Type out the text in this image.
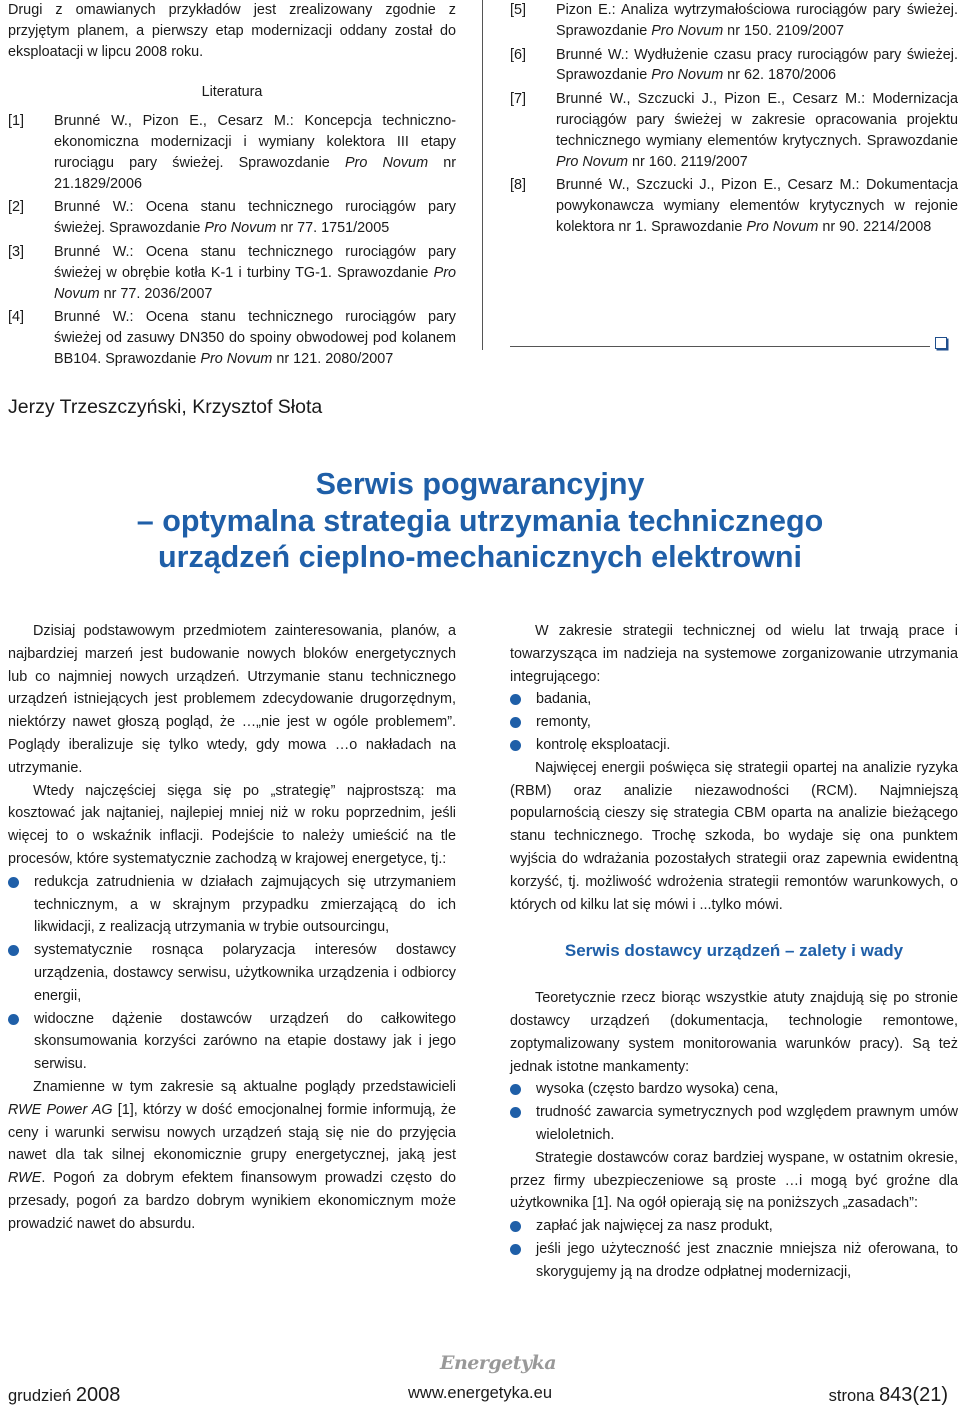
Drugi z omawianych przykładów jest zrealizowany zgodnie z przyjętym planem, a pierwszy etap modernizacji oddany został do eksploatacji w lipcu 2008 roku.

Literatura

[1]	Brunné W., Pizon E., Cesarz M.: Koncepcja techniczno-ekonomiczna modernizacji i wymiany kolektora III etapy rurociągu pary świeżej. Sprawozdanie Pro Novum nr 21.1829/2006
[2]	Brunné W.: Ocena stanu technicznego rurociągów pary świeżej. Sprawozdanie Pro Novum nr 77. 1751/2005
[3]	Brunné W.: Ocena stanu technicznego rurociągów pary świeżej w obrębie kotła K-1 i turbiny TG-1. Sprawozdanie Pro Novum nr 77. 2036/2007
[4]	Brunné W.: Ocena stanu technicznego rurociągów pary świeżej od zasuwy DN350 do spoiny obwodowej pod kolanem BB104. Sprawozdanie Pro Novum nr 121. 2080/2007
[5]	Pizon E.: Analiza wytrzymałościowa rurociągów pary świeżej. Sprawozdanie Pro Novum nr 150. 2109/2007
[6]	Brunné W.: Wydłużenie czasu pracy rurociągów pary świeżej. Sprawozdanie Pro Novum nr 62. 1870/2006
[7]	Brunné W., Szczucki J., Pizon E., Cesarz M.: Modernizacja rurociągów pary świeżej w zakresie opracowania projektu technicznego wymiany elementów krytycznych. Sprawozdanie Pro Novum nr 160. 2119/2007
[8]	Brunné W., Szczucki J., Pizon E., Cesarz M.: Dokumentacja powykonawcza wymiany elementów krytycznych w rejonie kolektora nr 1. Sprawozdanie Pro Novum nr 90. 2214/2008
Jerzy Trzeszczyński, Krzysztof Słota
Serwis pogwarancyjny
– optymalna strategia utrzymania technicznego
urządzeń cieplno-mechanicznych elektrowni

Dzisiaj podstawowym przedmiotem zainteresowania, planów, a najbardziej marzeń jest budowanie nowych bloków energetycznych lub co najmniej nowych urządzeń. Utrzymanie stanu technicznego urządzeń istniejących jest problemem zdecydowanie drugorzędnym, niektórzy nawet głoszą pogląd, że …„nie jest w ogóle problemem”. Poglądy iberalizuje się tylko wtedy, gdy mowa …o nakładach na utrzymanie.

Wtedy najczęściej sięga się po „strategię” najprostszą: ma kosztować jak najtaniej, najlepiej mniej niż w roku poprzednim, jeśli więcej to o wskaźnik inflacji. Podejście to należy umieścić na tle procesów, które systematycznie zachodzą w krajowej energetyce, tj.:

redukcja zatrudnienia w działach zajmujących się utrzymaniem technicznym, a w skrajnym przypadku zmierzającą do ich likwidacji, z realizacją utrzymania w trybie outsourcingu,
systematycznie rosnąca polaryzacja interesów dostawcy urządzenia, dostawcy serwisu, użytkownika urządzenia i odbiorcy energii,
widoczne dążenie dostawców urządzeń do całkowitego skonsumowania korzyści zarówno na etapie dostawy jak i jego serwisu.

Znamienne w tym zakresie są aktualne poglądy przedstawicieli RWE Power AG [1], którzy w dość emocjonalnej formie informują, że ceny i warunki serwisu nowych urządzeń stają się nie do przyjęcia nawet dla tak silnej ekonomicznie grupy energetycznej, jaką jest RWE. Pogoń za dobrym efektem finansowym prowadzi często do przesady, pogoń za bardzo dobrym wynikiem ekonomicznym może prowadzić nawet do absurdu.

W zakresie strategii technicznej od wielu lat trwają prace i towarzysząca im nadzieja na systemowe zorganizowanie utrzymania integrującego:

badania,
remonty,
kontrolę eksploatacji.

Najwięcej energii poświęca się strategii opartej na analizie ryzyka (RBM) oraz analizie niezawodności (RCM). Najmniejszą popularnością cieszy się strategia CBM oparta na analizie bieżącego stanu technicznego. Trochę szkoda, bo wydaje się ona punktem wyjścia do wdrażania pozostałych strategii oraz zapewnia ewidentną korzyść, tj. możliwość wdrożenia strategii remontów warunkowych, o których od kilku lat się mówi i ...tylko mówi.

Serwis dostawcy urządzeń – zalety i wady

Teoretycznie rzecz biorąc wszystkie atuty znajdują się po stronie dostawcy urządzeń (dokumentacja, technologie remontowe, zoptymalizowany system monitorowania warunków pracy). Są też jednak istotne mankamenty:

wysoka (często bardzo wysoka) cena,
trudność zawarcia symetrycznych pod względem prawnym umów wieloletnich.

Strategie dostawców coraz bardziej wyspane, w ostatnim okresie, przez firmy ubezpieczeniowe są proste …i mogą być groźne dla użytkownika [1]. Na ogół opierają się na poniższych „zasadach”:

zapłać jak najwięcej za nasz produkt,
jeśli jego użyteczność jest znacznie mniejsza niż oferowana, to skorygujemy ją na drodze odpłatnej modernizacji,
Energetyka
grudzień 2008	www.energetyka.eu	strona 843(21)
